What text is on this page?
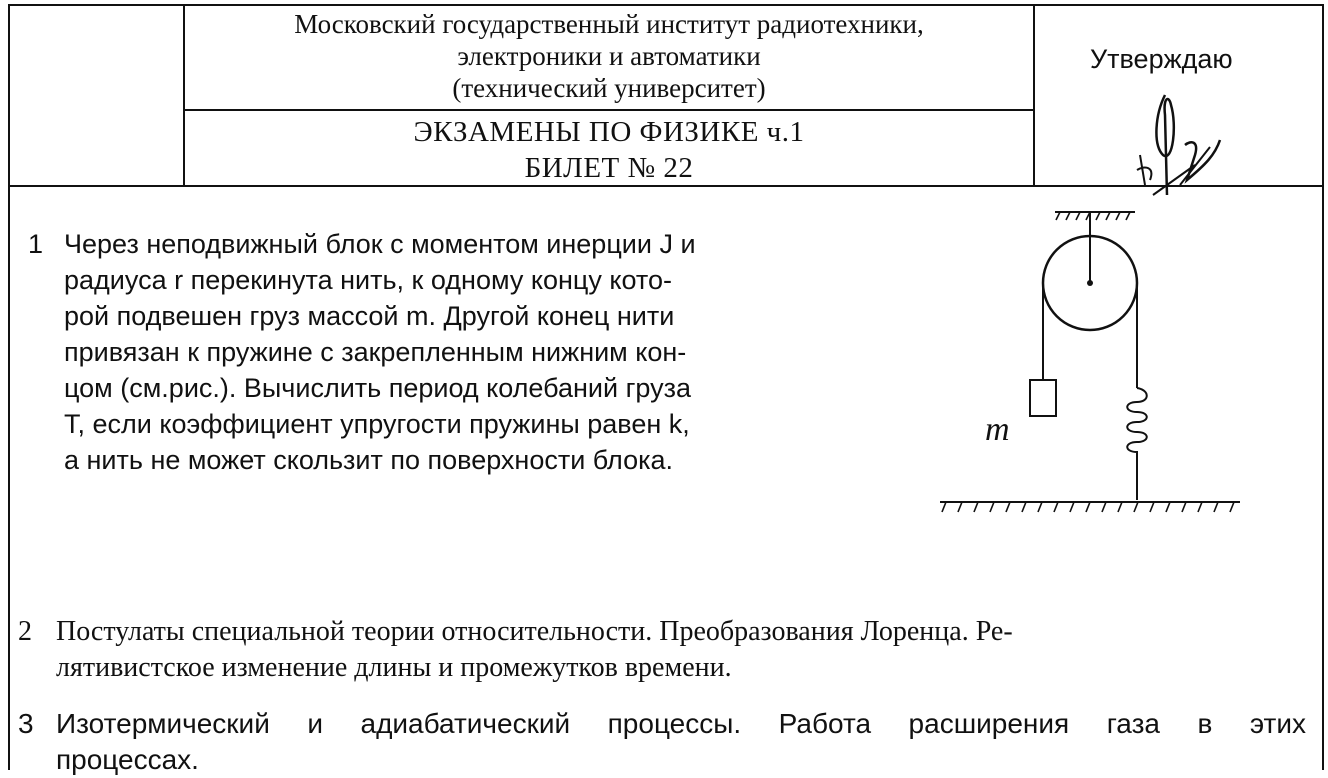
Московский государственный институт радиотехники,
электроники и автоматики
(технический университет)
ЭКЗАМЕНЫ ПО ФИЗИКЕ ч.1
БИЛЕТ № 22
Утверждаю
1 Через неподвижный блок с моментом инерции J и
радиуса r перекинута нить, к одному концу кото-
рой подвешен груз массой m. Другой конец нити
привязан к пружине с закрепленным нижним кон-
цом (см.рис.). Вычислить период колебаний груза
T, если коэффициент упругости пружины равен k,
а нить не может скользит по поверхности блока.
m
2 Постулаты специальной теории относительности. Преобразования Лоренца. Ре-
лятивистское изменение длины и промежутков времени.
3 Изотермический и адиабатический процессы. Работа расширения газа в этих
процессах.
